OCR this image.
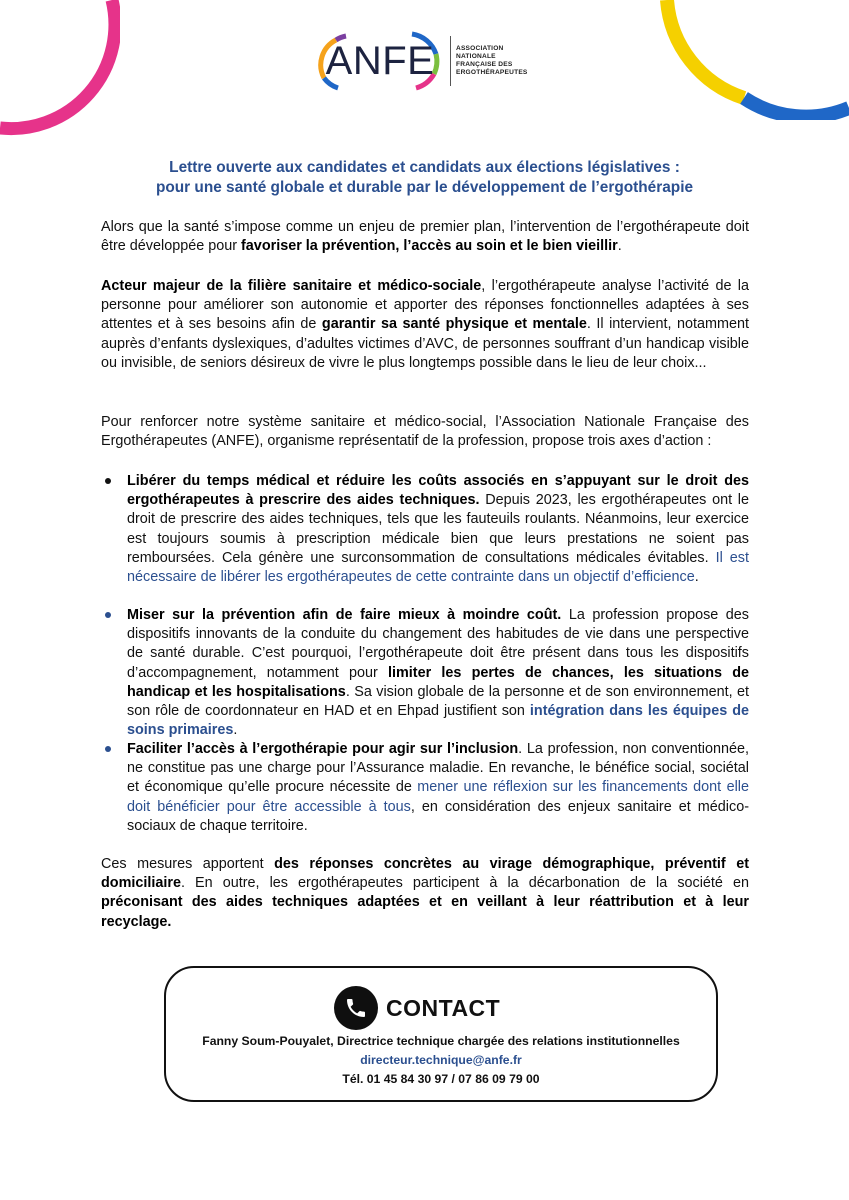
ANFE	ASSOCIATION
NATIONALE
FRANÇAISE DES
ERGOTHÉRAPEUTES
Lettre ouverte aux candidates et candidats aux élections législatives :
pour une santé globale et durable par le développement de l’ergothérapie
Alors que la santé s’impose comme un enjeu de premier plan, l’intervention de l’ergothérapeute doit être développée pour favoriser la prévention, l’accès au soin et le bien vieillir.
Acteur majeur de la filière sanitaire et médico-sociale, l’ergothérapeute analyse l’activité de la personne pour améliorer son autonomie et apporter des réponses fonctionnelles adaptées à ses attentes et à ses besoins afin de garantir sa santé physique et mentale. Il intervient, notamment auprès d’enfants dyslexiques, d’adultes victimes d’AVC, de personnes souffrant d’un handicap visible ou invisible, de seniors désireux de vivre le plus longtemps possible dans le lieu de leur choix...
Pour renforcer notre système sanitaire et médico-social, l’Association Nationale Française des Ergothérapeutes (ANFE), organisme représentatif de la profession, propose trois axes d’action :
Libérer du temps médical et réduire les coûts associés en s’appuyant sur le droit des ergothérapeutes à prescrire des aides techniques. Depuis 2023, les ergothérapeutes ont le droit de prescrire des aides techniques, tels que les fauteuils roulants. Néanmoins, leur exercice est toujours soumis à prescription médicale bien que leurs prestations ne soient pas remboursées. Cela génère une surconsommation de consultations médicales évitables. Il est nécessaire de libérer les ergothérapeutes de cette contrainte dans un objectif d’efficience.
Miser sur la prévention afin de faire mieux à moindre coût. La profession propose des dispositifs innovants de la conduite du changement des habitudes de vie dans une perspective de santé durable. C’est pourquoi, l’ergothérapeute doit être présent dans tous les dispositifs d’accompagnement, notamment pour limiter les pertes de chances, les situations de handicap et les hospitalisations. Sa vision globale de la personne et de son environnement, et son rôle de coordonnateur en HAD et en Ehpad justifient son intégration dans les équipes de soins primaires.
Faciliter l’accès à l’ergothérapie pour agir sur l’inclusion. La profession, non conventionnée, ne constitue pas une charge pour l’Assurance maladie. En revanche, le bénéfice social, sociétal et économique qu’elle procure nécessite de mener une réflexion sur les financements dont elle doit bénéficier pour être accessible à tous, en considération des enjeux sanitaire et médico-sociaux de chaque territoire.
Ces mesures apportent des réponses concrètes au virage démographique, préventif et domiciliaire. En outre, les ergothérapeutes participent à la décarbonation de la société en préconisant des aides techniques adaptées et en veillant à leur réattribution et à leur recyclage.
CONTACT
Fanny Soum-Pouyalet, Directrice technique chargée des relations institutionnelles
directeur.technique@anfe.fr
Tél. 01 45 84 30 97 / 07 86 09 79 00
